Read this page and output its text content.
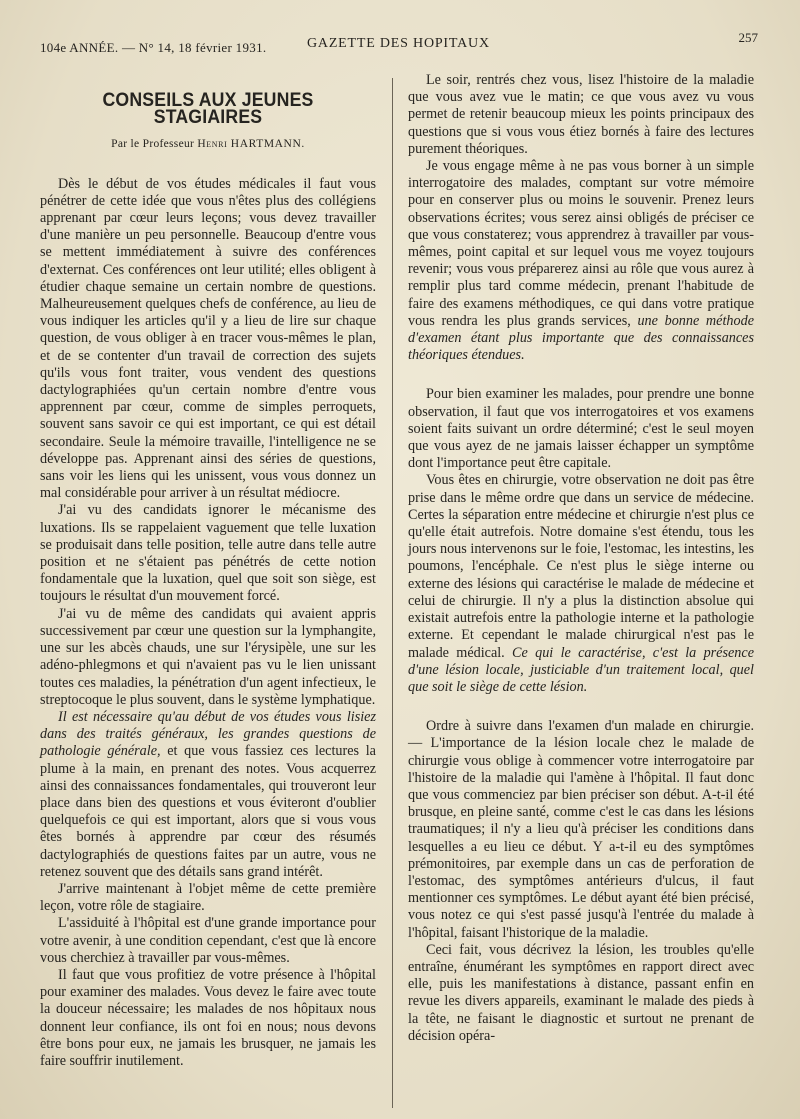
104e ANNÉE. — N° 14, 18 février 1931.	GAZETTE DES HOPITAUX	257
CONSEILS AUX JEUNES STAGIAIRES
Par le Professeur Henri HARTMANN.

Dès le début de vos études médicales il faut vous pénétrer de cette idée que vous n'êtes plus des collégiens apprenant par cœur leurs leçons; vous devez travailler d'une manière un peu personnelle. Beaucoup d'entre vous se mettent immédiatement à suivre des conférences d'externat. Ces conférences ont leur utilité; elles obligent à étudier chaque semaine un certain nombre de questions. Malheureusement quelques chefs de conférence, au lieu de vous indiquer les articles qu'il y a lieu de lire sur chaque question, de vous obliger à en tracer vous-mêmes le plan, et de se contenter d'un travail de correction des sujets qu'ils vous font traiter, vous vendent des questions dactylographiées qu'un certain nombre d'entre vous apprennent par cœur, comme de simples perroquets, souvent sans savoir ce qui est important, ce qui est détail secondaire. Seule la mémoire travaille, l'intelligence ne se développe pas. Apprenant ainsi des séries de questions, sans voir les liens qui les unissent, vous vous donnez un mal considérable pour arriver à un résultat médiocre.

J'ai vu des candidats ignorer le mécanisme des luxations. Ils se rappelaient vaguement que telle luxation se produisait dans telle position, telle autre dans telle autre position et ne s'étaient pas pénétrés de cette notion fondamentale que la luxation, quel que soit son siège, est toujours le résultat d'un mouvement forcé.

J'ai vu de même des candidats qui avaient appris successivement par cœur une question sur la lymphangite, une sur les abcès chauds, une sur l'érysipèle, une sur les adéno-phlegmons et qui n'avaient pas vu le lien unissant toutes ces maladies, la pénétration d'un agent infectieux, le streptocoque le plus souvent, dans le système lymphatique.

Il est nécessaire qu'au début de vos études vous lisiez dans des traités généraux, les grandes questions de pathologie générale, et que vous fassiez ces lectures la plume à la main, en prenant des notes. Vous acquerrez ainsi des connaissances fondamentales, qui trouveront leur place dans bien des questions et vous éviteront d'oublier quelquefois ce qui est important, alors que si vous vous êtes bornés à apprendre par cœur des résumés dactylographiés de questions faites par un autre, vous ne retenez souvent que des détails sans grand intérêt.

J'arrive maintenant à l'objet même de cette première leçon, votre rôle de stagiaire.

L'assiduité à l'hôpital est d'une grande importance pour votre avenir, à une condition cependant, c'est que là encore vous cherchiez à travailler par vous-mêmes.

Il faut que vous profitiez de votre présence à l'hôpital pour examiner des malades. Vous devez le faire avec toute la douceur nécessaire; les malades de nos hôpitaux nous donnent leur confiance, ils ont foi en nous; nous devons être bons pour eux, ne jamais les brusquer, ne jamais les faire souffrir inutilement.

Le soir, rentrés chez vous, lisez l'histoire de la maladie que vous avez vue le matin; ce que vous avez vu vous permet de retenir beaucoup mieux les points principaux des questions que si vous vous étiez bornés à faire des lectures purement théoriques.

Je vous engage même à ne pas vous borner à un simple interrogatoire des malades, comptant sur votre mémoire pour en conserver plus ou moins le souvenir. Prenez leurs observations écrites; vous serez ainsi obligés de préciser ce que vous constaterez; vous apprendrez à travailler par vous-mêmes, point capital et sur lequel vous me voyez toujours revenir; vous vous préparerez ainsi au rôle que vous aurez à remplir plus tard comme médecin, prenant l'habitude de faire des examens méthodiques, ce qui dans votre pratique vous rendra les plus grands services, une bonne méthode d'examen étant plus importante que des connaissances théoriques étendues.

Pour bien examiner les malades, pour prendre une bonne observation, il faut que vos interrogatoires et vos examens soient faits suivant un ordre déterminé; c'est le seul moyen que vous ayez de ne jamais laisser échapper un symptôme dont l'importance peut être capitale.

Vous êtes en chirurgie, votre observation ne doit pas être prise dans le même ordre que dans un service de médecine. Certes la séparation entre médecine et chirurgie n'est plus ce qu'elle était autrefois. Notre domaine s'est étendu, tous les jours nous intervenons sur le foie, l'estomac, les intestins, les poumons, l'encéphale. Ce n'est plus le siège interne ou externe des lésions qui caractérise le malade de médecine et celui de chirurgie. Il n'y a plus la distinction absolue qui existait autrefois entre la pathologie interne et la pathologie externe. Et cependant le malade chirurgical n'est pas le malade médical. Ce qui le caractérise, c'est la présence d'une lésion locale, justiciable d'un traitement local, quel que soit le siège de cette lésion.

Ordre à suivre dans l'examen d'un malade en chirurgie. — L'importance de la lésion locale chez le malade de chirurgie vous oblige à commencer votre interrogatoire par l'histoire de la maladie qui l'amène à l'hôpital. Il faut donc que vous commenciez par bien préciser son début. A-t-il été brusque, en pleine santé, comme c'est le cas dans les lésions traumatiques; il n'y a lieu qu'à préciser les conditions dans lesquelles a eu lieu ce début. Y a-t-il eu des symptômes prémonitoires, par exemple dans un cas de perforation de l'estomac, des symptômes antérieurs d'ulcus, il faut mentionner ces symptômes. Le début ayant été bien précisé, vous notez ce qui s'est passé jusqu'à l'entrée du malade à l'hôpital, faisant l'historique de la maladie.

Ceci fait, vous décrivez la lésion, les troubles qu'elle entraîne, énumérant les symptômes en rapport direct avec elle, puis les manifestations à distance, passant enfin en revue les divers appareils, examinant le malade des pieds à la tête, ne faisant le diagnostic et surtout ne prenant de décision opéra-
